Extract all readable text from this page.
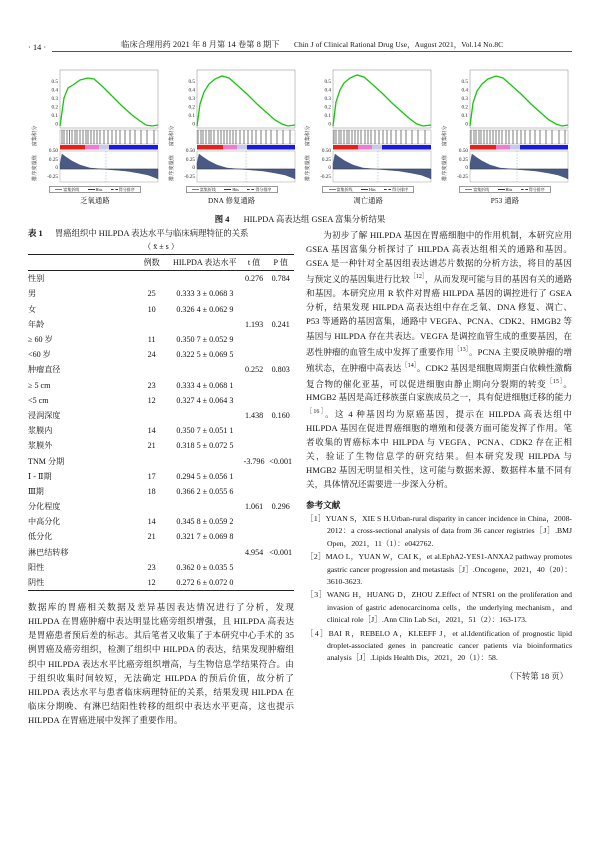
· 14 ·	临床合理用药 2021 年 8 月第 14 卷第 8 期下 Chin J of Clinical Rational Drug Use，August 2021，Vol.14 No.8C
富集积分
排序度量值
0.5
0.4
0.3
0.2
0.1
0
0.50
0.25
0
-0.25
富集折线	Hits	得分排序
乏氧通路
富集积分
排序度量值
0.5
0.4
0.3
0.2
0.1
0
0.50
0.25
0
-0.25
富集折线	Hits	得分排序
DNA 修复通路
富集积分
排序度量值
0.5
0.4
0.3
0.2
0.1
0
0.50
0.25
0
-0.25
富集折线	Hits	得分排序
凋亡通路
富集积分
排序度量值
0.5
0.4
0.3
0.2
0.1
0
0.50
0.25
0
-0.25
富集折线	Hits	得分排序
P53 通路
图 4 HILPDA 高表达组 GSEA 富集分析结果
表 1 胃癌组织中 HILPDA 表达水平与临床病理特征的关系
（ x̄ ± s ）
	例数	HILPDA 表达水平	t 值	P 值
性别			0.276	0.784
男	25	0.333 3 ± 0.068 3		
女	10	0.326 4 ± 0.062 9		
年龄			1.193	0.241
≥ 60 岁	11	0.350 7 ± 0.052 9		
<60 岁	24	0.322 5 ± 0.069 5		
肿瘤直径			0.252	0.803
≥ 5 cm	23	0.333 4 ± 0.068 1		
<5 cm	12	0.327 4 ± 0.064 3		
浸润深度			1.438	0.160
浆膜内	14	0.350 7 ± 0.051 1		
浆膜外	21	0.318 5 ± 0.072 5		
TNM 分期			-3.796	<0.001
Ⅰ - Ⅱ期	17	0.294 5 ± 0.056 1		
Ⅲ期	18	0.366 2 ± 0.055 6		
分化程度			1.061	0.296
中高分化	14	0.345 8 ± 0.059 2		
低分化	21	0.321 7 ± 0.069 8		
淋巴结转移			4.954	<0.001
阳性	23	0.362 0 ± 0.035 5		
阴性	12	0.272 6 ± 0.072 0		

数据库的胃癌相关数据及差异基因表达情况进行了分析，发现 HILPDA 在胃癌肿瘤中表达明显比癌旁组织增强，且 HILPDA 高表达是胃癌患者预后差的标志。其后笔者又收集了于本研究中心手术的 35 例胃癌及癌旁组织，检测了组织中 HILPDA 的表达，结果发现肿瘤组织中 HILPDA 表达水平比癌旁组织增高，与生物信息学结果符合。由于组织收集时间较短，无法确定 HILPDA 的预后价值，故分析了 HILPDA 表达水平与患者临床病理特征的关系，结果发现 HILPDA 在临床分期晚、有淋巴结阳性转移的组织中表达水平更高，这也提示 HILPDA 在胃癌进展中发挥了重要作用。

为初步了解 HILPDA 基因在胃癌细胞中的作用机制，本研究应用 GSEA 基因富集分析探讨了 HILPDA 高表达组相关的通路和基因。GSEA 是一种针对全基因组表达谱芯片数据的分析方法，将目的基因与预定义的基因集进行比较$^{[12]}$，从而发现可能与目的基因有关的通路和基因。本研究应用 R 软件对胃癌 HILPDA 基因的调控进行了 GSEA 分析，结果发现 HILPDA 高表达组中存在乏氧、DNA 修复、凋亡、P53 等通路的基因富集，通路中 VEGFA、PCNA、CDK2、HMGB2 等基因与 HILPDA 存在共表达。VEGFA 是调控血管生成的重要基因，在恶性肿瘤的血管生成中发挥了重要作用$^{[13]}$。PCNA 主要反映肿瘤的增殖状态，在肿瘤中高表达$^{[14]}$。CDK2 基因是细胞周期蛋白依赖性激酶复合物的催化亚基，可以促进细胞由静止期向分裂期的转变$^{[15]}$。HMGB2 基因是高迁移族蛋白家族成员之一，具有促进细胞迁移的能力$^{[16]}$。这 4 种基因均为原癌基因，提示在 HILPDA 高表达组中 HILPDA 基因在促进胃癌细胞的增殖和侵袭方面可能发挥了作用。笔者收集的胃癌标本中 HILPDA 与 VEGFA、PCNA、CDK2 存在正相关，验证了生物信息学的研究结果。但本研究发现 HILPDA 与 HMGB2 基因无明显相关性，这可能与数据来源、数据样本量不同有关，具体情况还需要进一步深入分析。

参考文献
［1］YUAN S，XIE S H.Urban-rural disparity in cancer incidence in China，2008-2012：a cross-sectional analysis of data from 36 cancer registries［J］.BMJ Open，2021，11（1）：e042762.
［2］MAO L，YUAN W，CAI K，et al.EphA2-YES1-ANXA2 pathway promotes gastric cancer progression and metastasis［J］.Oncogene，2021，40（20）：3610-3623.
［3］WANG H，HUANG D，ZHOU Z.Effect of NTSR1 on the proliferation and invasion of gastric adenocarcinoma cells，the underlying mechanism，and clinical role［J］.Ann Clin Lab Sci，2021，51（2）：163-173.
［4］BAI R，REBELO A，KLEEFF J，et al.Identification of prognostic lipid droplet-associated genes in pancreatic cancer patients via bioinformatics analysis［J］.Lipids Health Dis，2021，20（1）：58.
（下转第 18 页）
